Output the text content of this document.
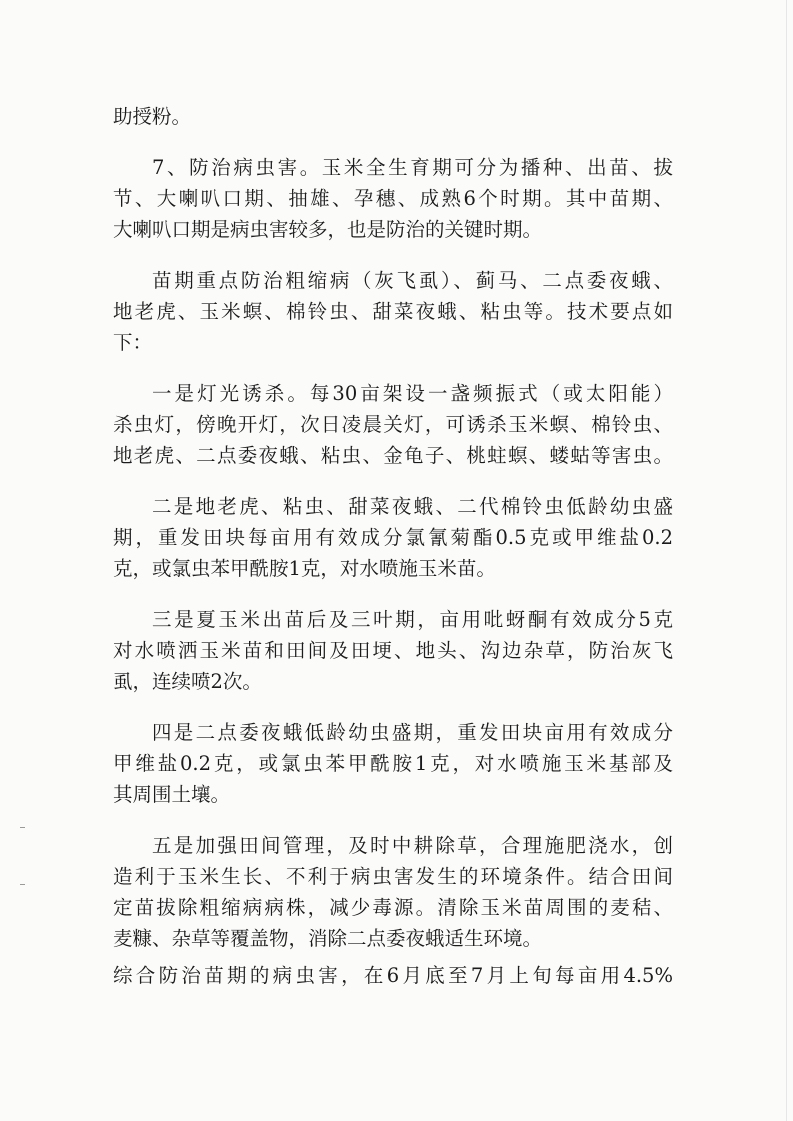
助授粉。

7、防治病虫害。玉米全生育期可分为播种、出苗、拔

节、大喇叭口期、抽雄、孕穗、成熟6个时期。其中苗期、

大喇叭口期是病虫害较多，也是防治的关键时期。

苗期重点防治粗缩病（灰飞虱）、蓟马、二点委夜蛾、

地老虎、玉米螟、棉铃虫、甜菜夜蛾、粘虫等。技术要点如

下：

一是灯光诱杀。每30亩架设一盏频振式（或太阳能）

杀虫灯，傍晚开灯，次日凌晨关灯，可诱杀玉米螟、棉铃虫、

地老虎、二点委夜蛾、粘虫、金龟子、桃蛀螟、蝼蛄等害虫。

二是地老虎、粘虫、甜菜夜蛾、二代棉铃虫低龄幼虫盛

期，重发田块每亩用有效成分氯氰菊酯0.5克或甲维盐0.2

克，或氯虫苯甲酰胺1克，对水喷施玉米苗。

三是夏玉米出苗后及三叶期，亩用吡蚜酮有效成分5克

对水喷洒玉米苗和田间及田埂、地头、沟边杂草，防治灰飞

虱，连续喷2次。

四是二点委夜蛾低龄幼虫盛期，重发田块亩用有效成分

甲维盐0.2克，或氯虫苯甲酰胺1克，对水喷施玉米基部及

其周围土壤。

五是加强田间管理，及时中耕除草，合理施肥浇水，创

造利于玉米生长、不利于病虫害发生的环境条件。结合田间

定苗拔除粗缩病病株，减少毒源。清除玉米苗周围的麦秸、

麦糠、杂草等覆盖物，消除二点委夜蛾适生环境。

综合防治苗期的病虫害，在6月底至7月上旬每亩用4.5%
